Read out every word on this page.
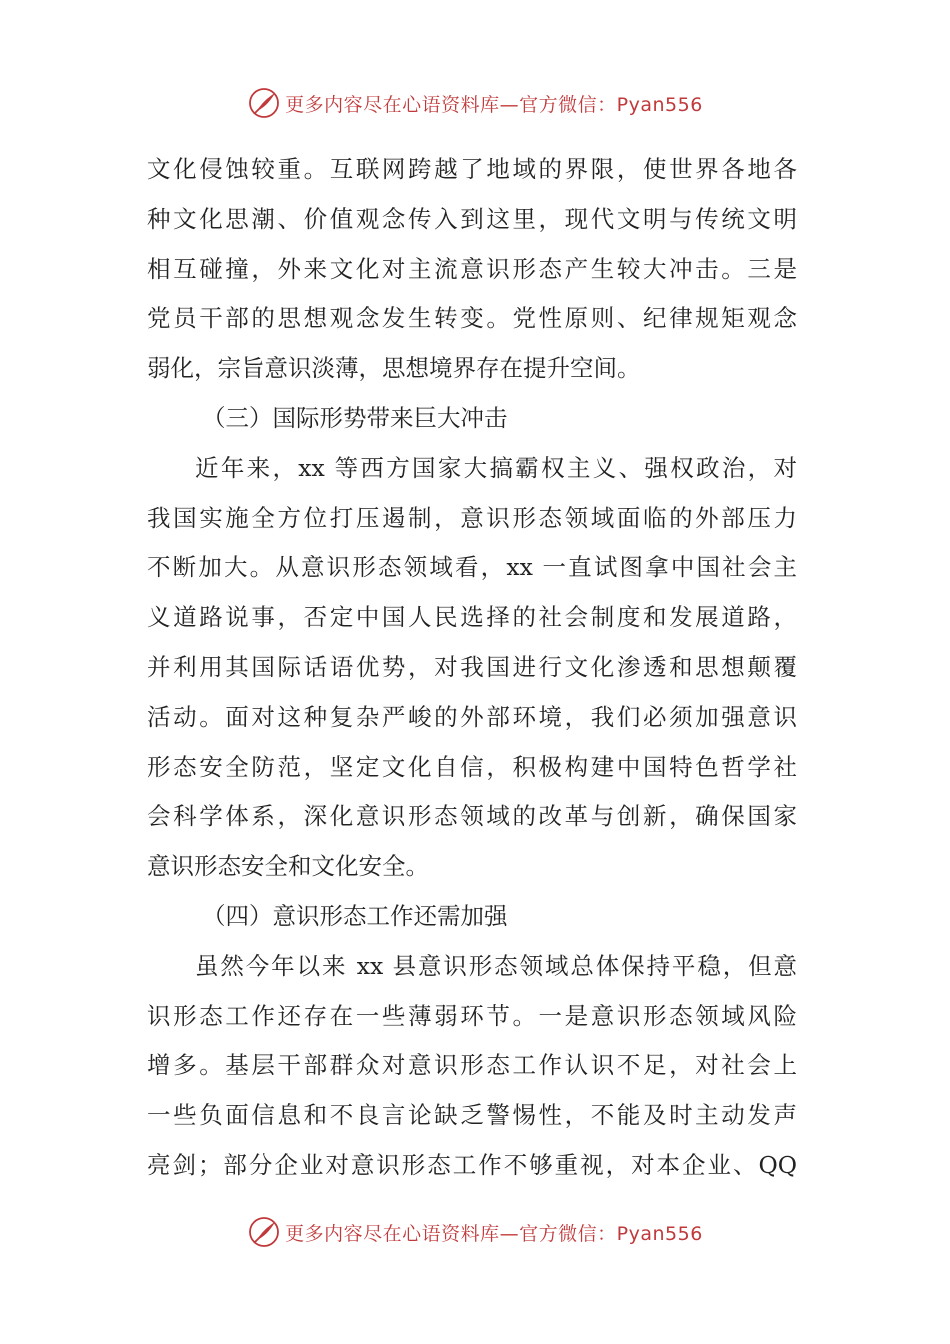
更多内容尽在心语资料库—官方微信：Pyan556
文化侵蚀较重。互联网跨越了地域的界限，使世界各地各
种文化思潮、价值观念传入到这里，现代文明与传统文明
相互碰撞，外来文化对主流意识形态产生较大冲击。三是
党员干部的思想观念发生转变。党性原则、纪律规矩观念
弱化，宗旨意识淡薄，思想境界存在提升空间。
（三）国际形势带来巨大冲击
近年来，xx 等西方国家大搞霸权主义、强权政治，对
我国实施全方位打压遏制，意识形态领域面临的外部压力
不断加大。从意识形态领域看，xx 一直试图拿中国社会主
义道路说事，否定中国人民选择的社会制度和发展道路，
并利用其国际话语优势，对我国进行文化渗透和思想颠覆
活动。面对这种复杂严峻的外部环境，我们必须加强意识
形态安全防范，坚定文化自信，积极构建中国特色哲学社
会科学体系，深化意识形态领域的改革与创新，确保国家
意识形态安全和文化安全。
（四）意识形态工作还需加强
虽然今年以来 xx 县意识形态领域总体保持平稳，但意
识形态工作还存在一些薄弱环节。一是意识形态领域风险
增多。基层干部群众对意识形态工作认识不足，对社会上
一些负面信息和不良言论缺乏警惕性，不能及时主动发声
亮剑；部分企业对意识形态工作不够重视，对本企业、QQ
更多内容尽在心语资料库—官方微信：Pyan556
